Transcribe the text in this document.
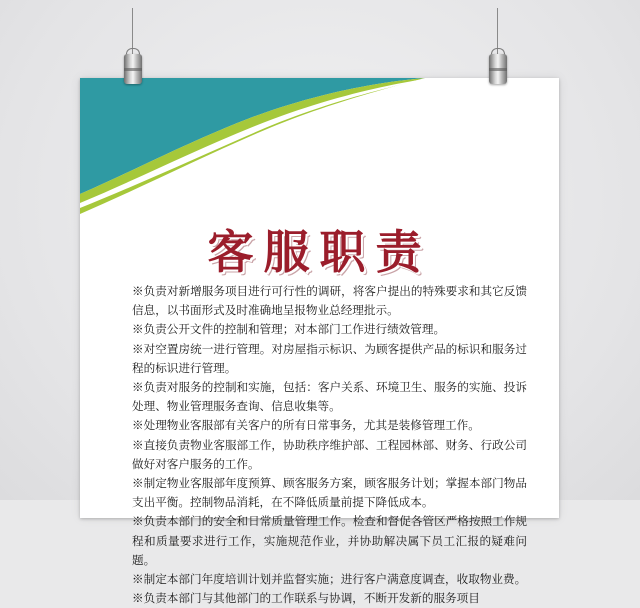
客服职责

※负责对新增服务项目进行可行性的调研，将客户提出的特殊要求和其它反馈信息，以书面形式及时准确地呈报物业总经理批示。

※负责公开文件的控制和管理；对本部门工作进行绩效管理。

※对空置房统一进行管理。对房屋指示标识、为顾客提供产品的标识和服务过程的标识进行管理。

※负责对服务的控制和实施，包括：客户关系、环境卫生、服务的实施、投诉处理、物业管理服务查询、信息收集等。

※处理物业客服部有关客户的所有日常事务，尤其是装修管理工作。

※直接负责物业客服部工作，协助秩序维护部、工程园林部、财务、行政公司做好对客户服务的工作。

※制定物业客服部年度预算、顾客服务方案，顾客服务计划；掌握本部门物品支出平衡。控制物品消耗，在不降低质量前提下降低成本。

※负责本部门的安全和日常质量管理工作。检查和督促各管区严格按照工作规程和质量要求进行工作，实施规范作业，并协助解决属下员工汇报的疑难问题。

※制定本部门年度培训计划并监督实施；进行客户满意度调查，收取物业费。

※负责本部门与其他部门的工作联系与协调，不断开发新的服务项目
